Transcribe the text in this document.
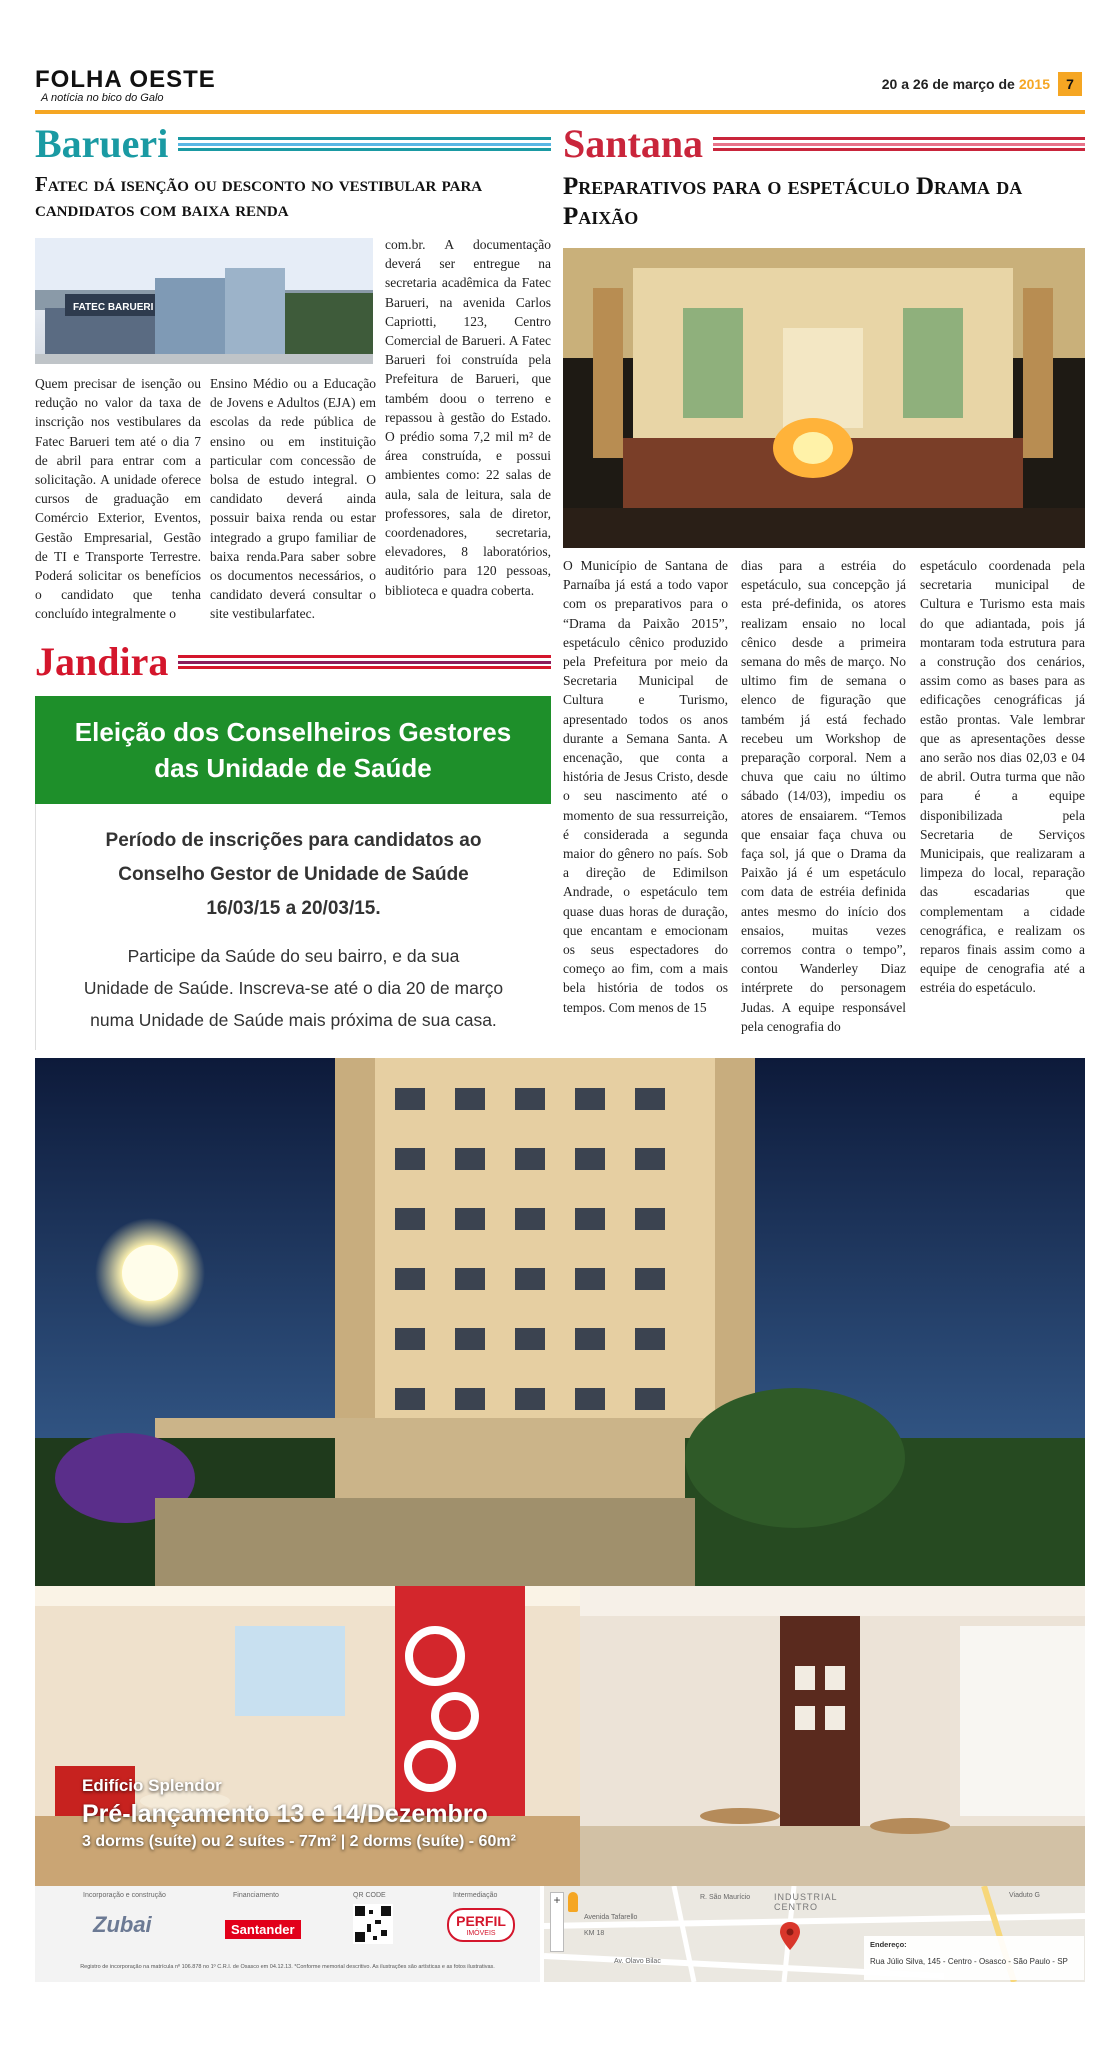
FOLHA OESTE
A notícia no bico do Galo
20 a 26 de março de 2015	7
Barueri
Fatec dá isenção ou desconto no vestibular para candidatos com baixa renda
FATEC BARUERI
Quem precisar de isenção ou redução no valor da taxa de inscrição nos vestibulares da Fatec Barueri tem até o dia 7 de abril para entrar com a solicitação. A unidade oferece cursos de graduação em Comércio Exterior, Eventos, Gestão Empresarial, Gestão de TI e Transporte Terrestre. Poderá solicitar os benefícios o candidato que tenha concluído integralmente o
Ensino Médio ou a Educação de Jovens e Adultos (EJA) em escolas da rede pública de ensino ou em instituição particular com concessão de bolsa de estudo integral. O candidato deverá ainda possuir baixa renda ou estar integrado a grupo familiar de baixa renda.Para saber sobre os documentos necessários, o candidato deverá consultar o site vestibularfatec.
com.br. A documentação deverá ser entregue na secretaria acadêmica da Fatec Barueri, na avenida Carlos Capriotti, 123, Centro Comercial de Barueri. A Fatec Barueri foi construída pela Prefeitura de Barueri, que também doou o terreno e repassou à gestão do Estado. O prédio soma 7,2 mil m² de área construída, e possui ambientes como: 22 salas de aula, sala de leitura, sala de professores, sala de diretor, coordenadores, secretaria, elevadores, 8 laboratórios, auditório para 120 pessoas, biblioteca e quadra coberta.
Santana
Preparativos para o espetáculo Drama da Paixão
O Município de Santana de Parnaíba já está a todo vapor com os preparativos para o “Drama da Paixão 2015”, espetáculo cênico produzido pela Prefeitura por meio da Secretaria Municipal de Cultura e Turismo, apresentado todos os anos durante a Semana Santa. A encenação, que conta a história de Jesus Cristo, desde o seu nascimento até o momento de sua ressurreição, é considerada a segunda maior do gênero no país. Sob a direção de Edimilson Andrade, o espetáculo tem quase duas horas de duração, que encantam e emocionam os seus espectadores do começo ao fim, com a mais bela história de todos os tempos. Com menos de 15
dias para a estréia do espetáculo, sua concepção já esta pré-definida, os atores realizam ensaio no local cênico desde a primeira semana do mês de março. No ultimo fim de semana o elenco de figuração que também já está fechado recebeu um Workshop de preparação corporal. Nem a chuva que caiu no último sábado (14/03), impediu os atores de ensaiarem. “Temos que ensaiar faça chuva ou faça sol, já que o Drama da Paixão já é um espetáculo com data de estréia definida antes mesmo do início dos ensaios, muitas vezes corremos contra o tempo”, contou Wanderley Diaz intérprete do personagem Judas. A equipe responsável pela cenografia do
espetáculo coordenada pela secretaria municipal de Cultura e Turismo esta mais do que adiantada, pois já montaram toda estrutura para a construção dos cenários, assim como as bases para as edificações cenográficas já estão prontas. Vale lembrar que as apresentações desse ano serão nos dias 02,03 e 04 de abril. Outra turma que não para é a equipe disponibilizada pela Secretaria de Serviços Municipais, que realizaram a limpeza do local, reparação das escadarias que complementam a cidade cenográfica, e realizam os reparos finais assim como a equipe de cenografia até a estréia do espetáculo.
Jandira
Eleição dos Conselheiros Gestores das Unidade de Saúde
Período de inscrições para candidatos ao
Conselho Gestor de Unidade de Saúde
16/03/15 a 20/03/15.
Participe da Saúde do seu bairro, e da sua
Unidade de Saúde. Inscreva-se até o dia 20 de março
numa Unidade de Saúde mais próxima de sua casa.
Edifício Splendor
Pré-lançamento 13 e 14/Dezembro
3 dorms (suíte) ou 2 suítes - 77m² | 2 dorms (suíte) - 60m²
Incorporação e construção
Zubai
Financiamento
Santander
QR CODE	Intermediação
PERFIL
IMÓVEIS
Registro de incorporação na matrícula nº 106.878 no 1º C.R.I. de Osasco em 04.12.13. *Conforme memorial descritivo. As ilustrações são artísticas e as fotos ilustrativas.
+	INDUSTRIAL CENTRO
R. São Maurício
Avenida Tafarello
Av. Olavo Bilac
Viaduto G
KM 18
Endereço:
Rua Júlio Silva, 145 - Centro - Osasco - São Paulo - SP
